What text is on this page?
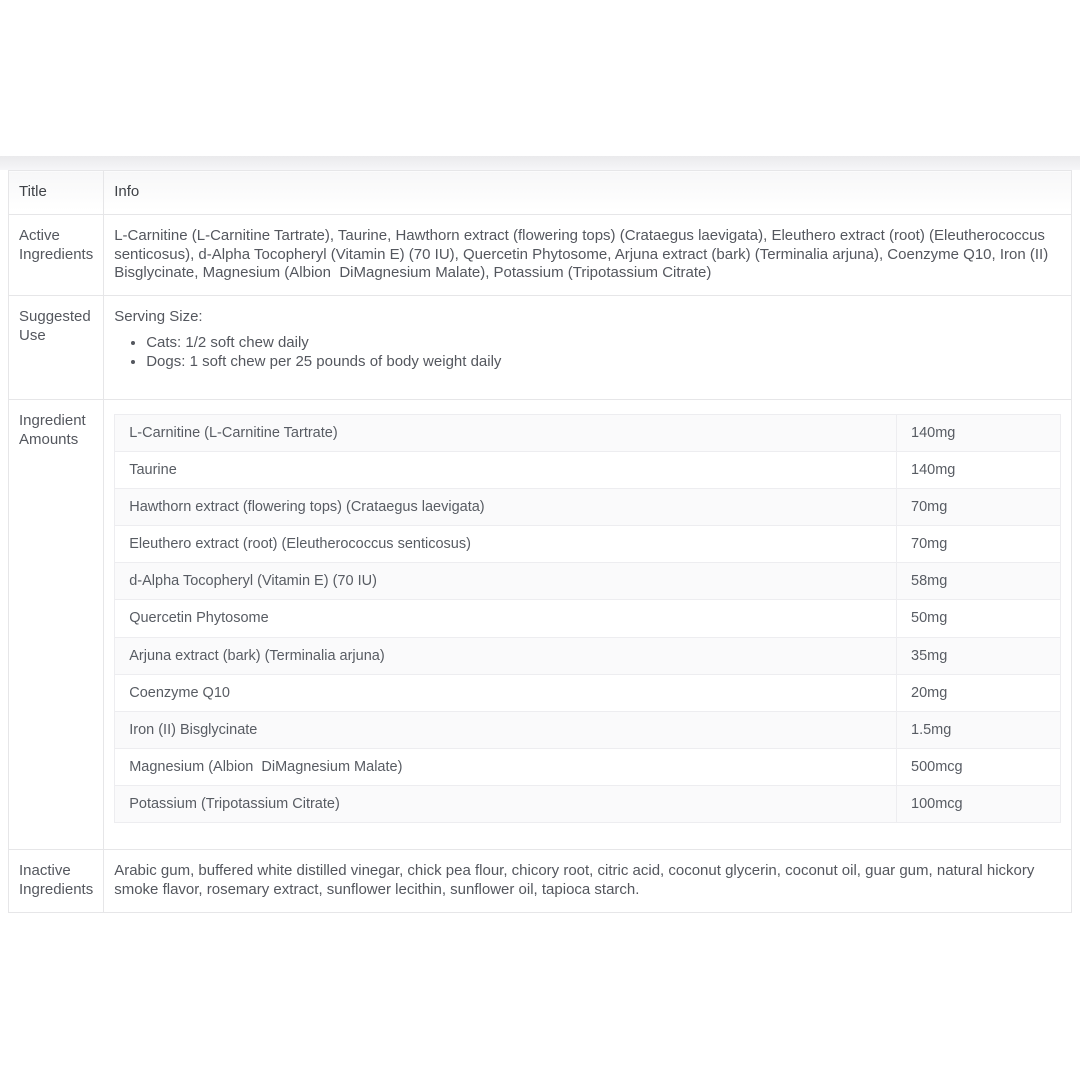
Title	Info
Active Ingredients	L-Carnitine (L-Carnitine Tartrate), Taurine, Hawthorn extract (flowering tops) (Crataegus laevigata), Eleuthero extract (root) (Eleutherococcus senticosus), d-Alpha Tocopheryl (Vitamin E) (70 IU), Quercetin Phytosome, Arjuna extract (bark) (Terminalia arjuna), Coenzyme Q10, Iron (II) Bisglycinate, Magnesium (Albion  DiMagnesium Malate), Potassium (Tripotassium Citrate)
Suggested Use	
Serving Size:
• Cats: 1/2 soft chew daily
• Dogs: 1 soft chew per 25 pounds of body weight daily

Ingredient Amounts		L-Carnitine (L-Carnitine Tartrate)	140mg
Taurine	140mg
Hawthorn extract (flowering tops) (Crataegus laevigata)	70mg
Eleuthero extract (root) (Eleutherococcus senticosus)	70mg
d-Alpha Tocopheryl (Vitamin E) (70 IU)	58mg
Quercetin Phytosome	50mg
Arjuna extract (bark) (Terminalia arjuna)	35mg
Coenzyme Q10	20mg
Iron (II) Bisglycinate	1.5mg
Magnesium (Albion  DiMagnesium Malate)	500mcg
Potassium (Tripotassium Citrate)	100mcg

Inactive Ingredients	Arabic gum, buffered white distilled vinegar, chick pea flour, chicory root, citric acid, coconut glycerin, coconut oil, guar gum, natural hickory smoke flavor, rosemary extract, sunflower lecithin, sunflower oil, tapioca starch.
